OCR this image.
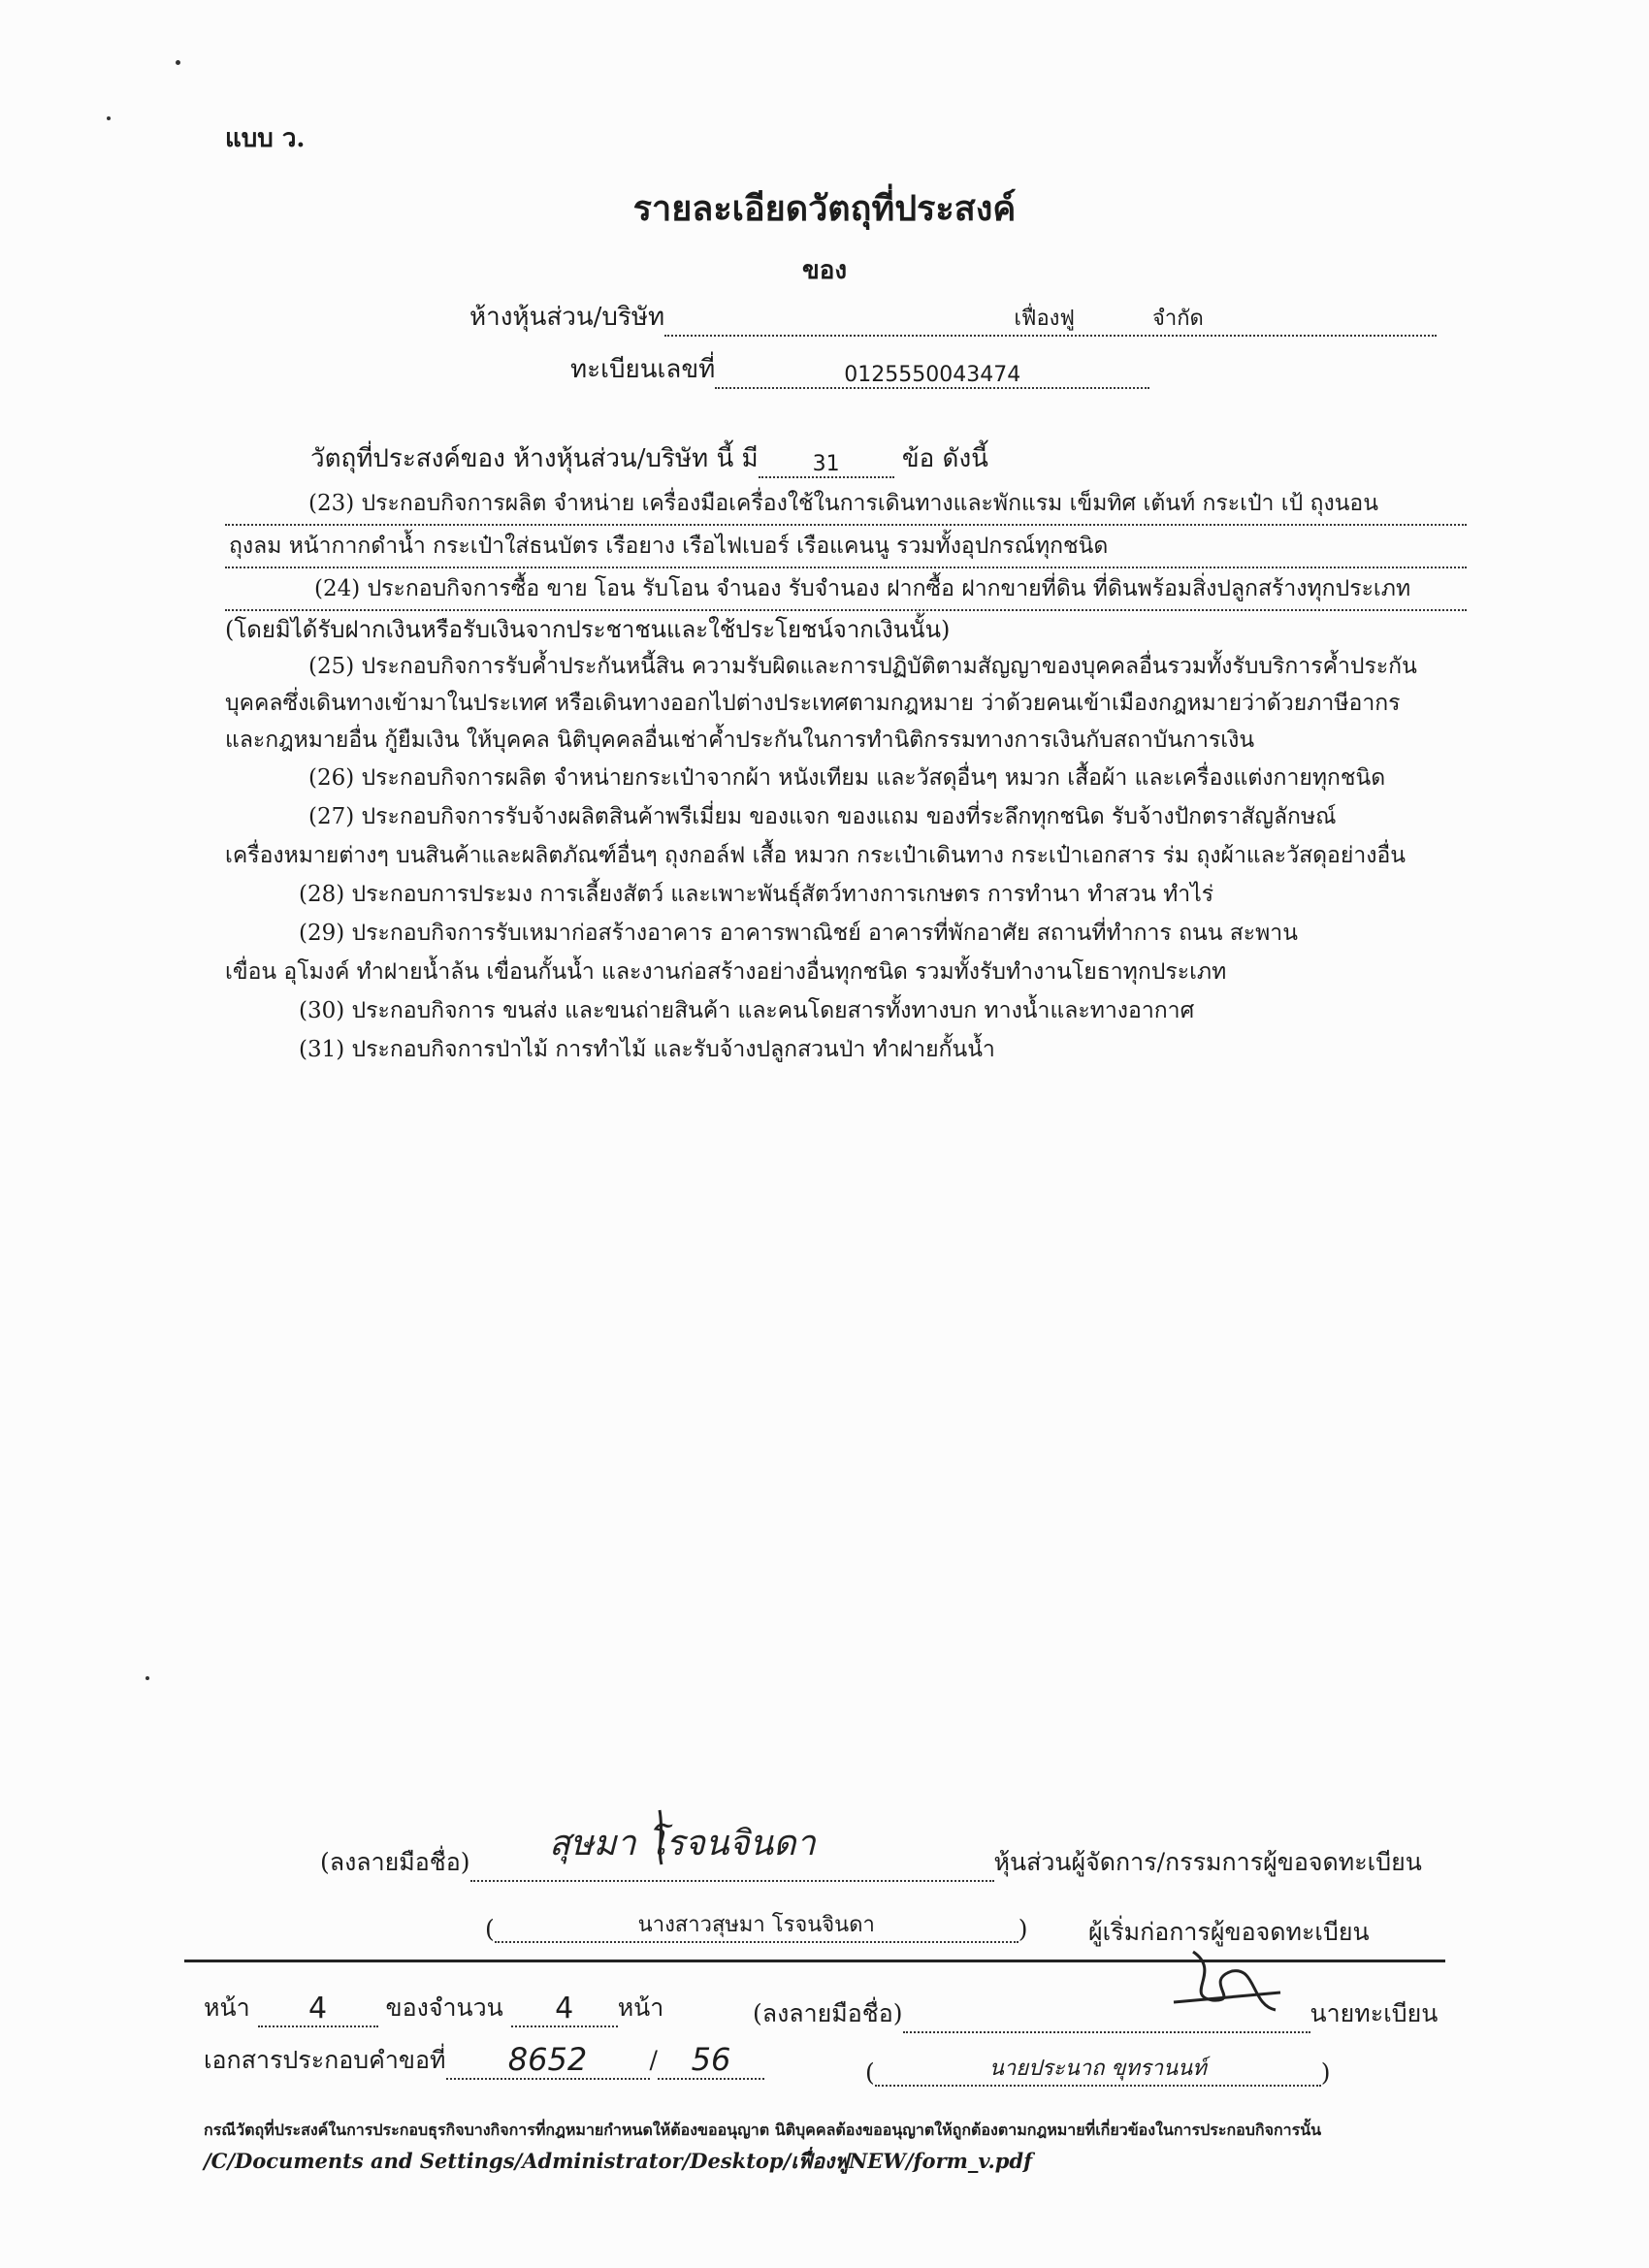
แบบ ว.
รายละเอียดวัตถุที่ประสงค์
ของ
ห้างหุ้นส่วน/บริษัท	เฟื่องฟู	จำกัด
ทะเบียนเลขที่	0125550043474
วัตถุที่ประสงค์ของ ห้างหุ้นส่วน/บริษัท นี้ มี	31 ข้อ ดังนี้
(23) ประกอบกิจการผลิต จำหน่าย เครื่องมือเครื่องใช้ในการเดินทางและพักแรม เข็มทิศ เต้นท์ กระเป๋า เป้ ถุงนอน
ถุงลม หน้ากากดำน้ำ กระเป๋าใส่ธนบัตร เรือยาง เรือไฟเบอร์ เรือแคนนู รวมทั้งอุปกรณ์ทุกชนิด
(24) ประกอบกิจการซื้อ ขาย โอน รับโอน จำนอง รับจำนอง ฝากซื้อ ฝากขายที่ดิน ที่ดินพร้อมสิ่งปลูกสร้างทุกประเภท
(โดยมิได้รับฝากเงินหรือรับเงินจากประชาชนและใช้ประโยชน์จากเงินนั้น)
(25) ประกอบกิจการรับค้ำประกันหนี้สิน ความรับผิดและการปฏิบัติตามสัญญาของบุคคลอื่นรวมทั้งรับบริการค้ำประกัน
บุคคลซึ่งเดินทางเข้ามาในประเทศ หรือเดินทางออกไปต่างประเทศตามกฎหมาย ว่าด้วยคนเข้าเมืองกฎหมายว่าด้วยภาษีอากร
และกฎหมายอื่น กู้ยืมเงิน ให้บุคคล นิติบุคคลอื่นเช่าค้ำประกันในการทำนิติกรรมทางการเงินกับสถาบันการเงิน
(26) ประกอบกิจการผลิต จำหน่ายกระเป๋าจากผ้า หนังเทียม และวัสดุอื่นๆ หมวก เสื้อผ้า และเครื่องแต่งกายทุกชนิด
(27) ประกอบกิจการรับจ้างผลิตสินค้าพรีเมี่ยม ของแจก ของแถม ของที่ระลึกทุกชนิด รับจ้างปักตราสัญลักษณ์
เครื่องหมายต่างๆ บนสินค้าและผลิตภัณฑ์อื่นๆ ถุงกอล์ฟ เสื้อ หมวก กระเป๋าเดินทาง กระเป๋าเอกสาร ร่ม ถุงผ้าและวัสดุอย่างอื่น
(28) ประกอบการประมง การเลี้ยงสัตว์ และเพาะพันธุ์สัตว์ทางการเกษตร การทำนา ทำสวน ทำไร่
(29) ประกอบกิจการรับเหมาก่อสร้างอาคาร อาคารพาณิชย์ อาคารที่พักอาศัย สถานที่ทำการ ถนน สะพาน
เขื่อน อุโมงค์ ทำฝายน้ำล้น เขื่อนกั้นน้ำ และงานก่อสร้างอย่างอื่นทุกชนิด รวมทั้งรับทำงานโยธาทุกประเภท
(30) ประกอบกิจการ ขนส่ง และขนถ่ายสินค้า และคนโดยสารทั้งทางบก ทางน้ำและทางอากาศ
(31) ประกอบกิจการป่าไม้ การทำไม้ และรับจ้างปลูกสวนป่า ทำฝายกั้นน้ำ
(ลงลายมือชื่อ)	หุ้นส่วนผู้จัดการ/กรรมการผู้ขอจดทะเบียน
สุษมา โรจนจินดา
(	นางสาวสุษมา โรจนจินดา	) ผู้เริ่มก่อการผู้ขอจดทะเบียน
หน้า 4 ของจำนวน 4 หน้า	(ลงลายมือชื่อ)	นายทะเบียน
เอกสารประกอบคำขอที่ 8652	/ 56	(	นายประนาถ ขุทรานนท์	)
กรณีวัตถุที่ประสงค์ในการประกอบธุรกิจบางกิจการที่กฎหมายกำหนดให้ต้องขออนุญาต นิติบุคคลต้องขออนุญาตให้ถูกต้องตามกฎหมายที่เกี่ยวข้องในการประกอบกิจการนั้น
/C/Documents and Settings/Administrator/Desktop/เฟื่องฟูNEW/form_v.pdf
